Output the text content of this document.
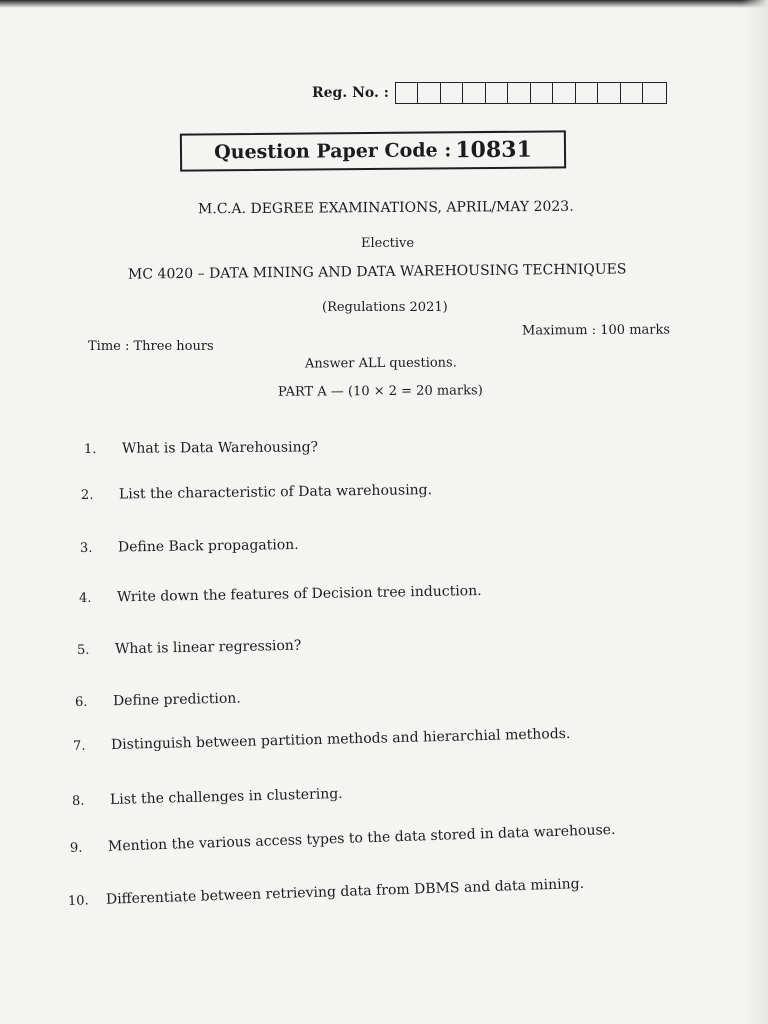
Reg. No. :
Question Paper Code : 10831
M.C.A. DEGREE EXAMINATIONS, APRIL/MAY 2023.
Elective
MC 4020 – DATA MINING AND DATA WAREHOUSING TECHNIQUES
(Regulations 2021)
Maximum : 100 marks
Time : Three hours
Answer ALL questions.
PART A — (10 × 2 = 20 marks)
1.	What is Data Warehousing?
2.	List the characteristic of Data warehousing.
3.	Define Back propagation.
4.	Write down the features of Decision tree induction.
5.	What is linear regression?
6.	Define prediction.
7.	Distinguish between partition methods and hierarchial methods.
8.	List the challenges in clustering.
9.	Mention the various access types to the data stored in data warehouse.
10.	Differentiate between retrieving data from DBMS and data mining.
